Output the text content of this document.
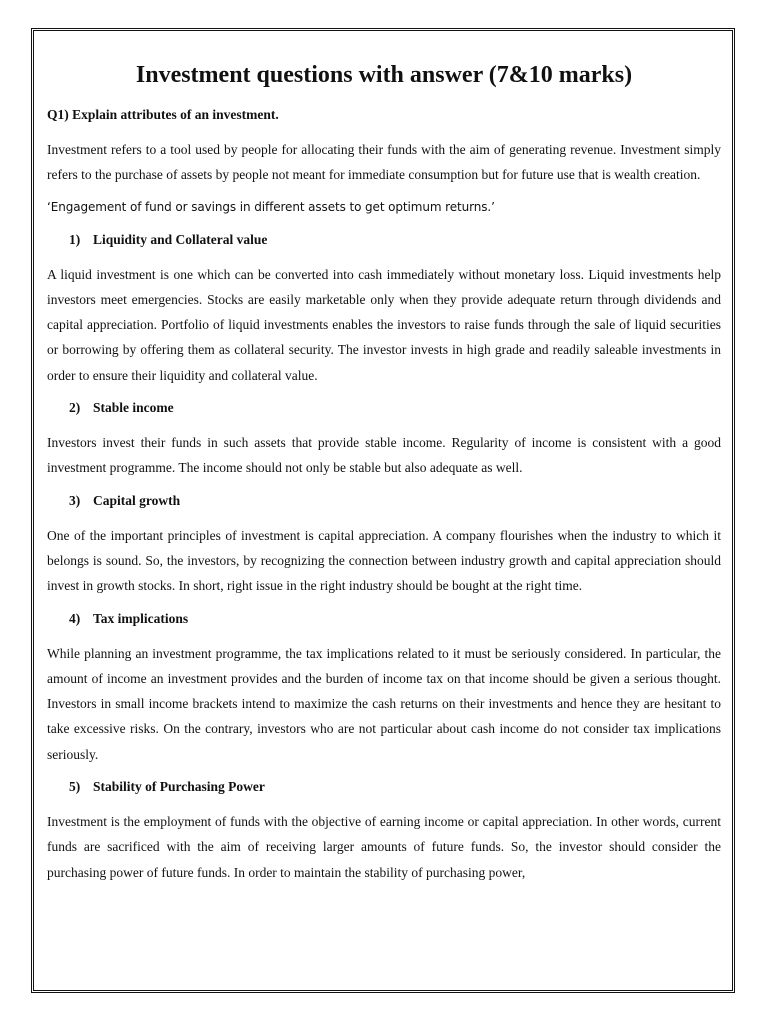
Investment questions with answer (7&10 marks)
Q1) Explain attributes of an investment.
Investment refers to a tool used by people for allocating their funds with the aim of generating revenue. Investment simply refers to the purchase of assets by people not meant for immediate consumption but for future use that is wealth creation.
‘Engagement of fund or savings in different assets to get optimum returns.’
1) Liquidity and Collateral value
A liquid investment is one which can be converted into cash immediately without monetary loss. Liquid investments help investors meet emergencies. Stocks are easily marketable only when they provide adequate return through dividends and capital appreciation. Portfolio of liquid investments enables the investors to raise funds through the sale of liquid securities or borrowing by offering them as collateral security. The investor invests in high grade and readily saleable investments in order to ensure their liquidity and collateral value.
2) Stable income
Investors invest their funds in such assets that provide stable income. Regularity of income is consistent with a good investment programme. The income should not only be stable but also adequate as well.
3) Capital growth
One of the important principles of investment is capital appreciation. A company flourishes when the industry to which it belongs is sound. So, the investors, by recognizing the connection between industry growth and capital appreciation should invest in growth stocks. In short, right issue in the right industry should be bought at the right time.
4) Tax implications
While planning an investment programme, the tax implications related to it must be seriously considered. In particular, the amount of income an investment provides and the burden of income tax on that income should be given a serious thought. Investors in small income brackets intend to maximize the cash returns on their investments and hence they are hesitant to take excessive risks. On the contrary, investors who are not particular about cash income do not consider tax implications seriously.
5) Stability of Purchasing Power
Investment is the employment of funds with the objective of earning income or capital appreciation. In other words, current funds are sacrificed with the aim of receiving larger amounts of future funds. So, the investor should consider the purchasing power of future funds. In order to maintain the stability of purchasing power,
